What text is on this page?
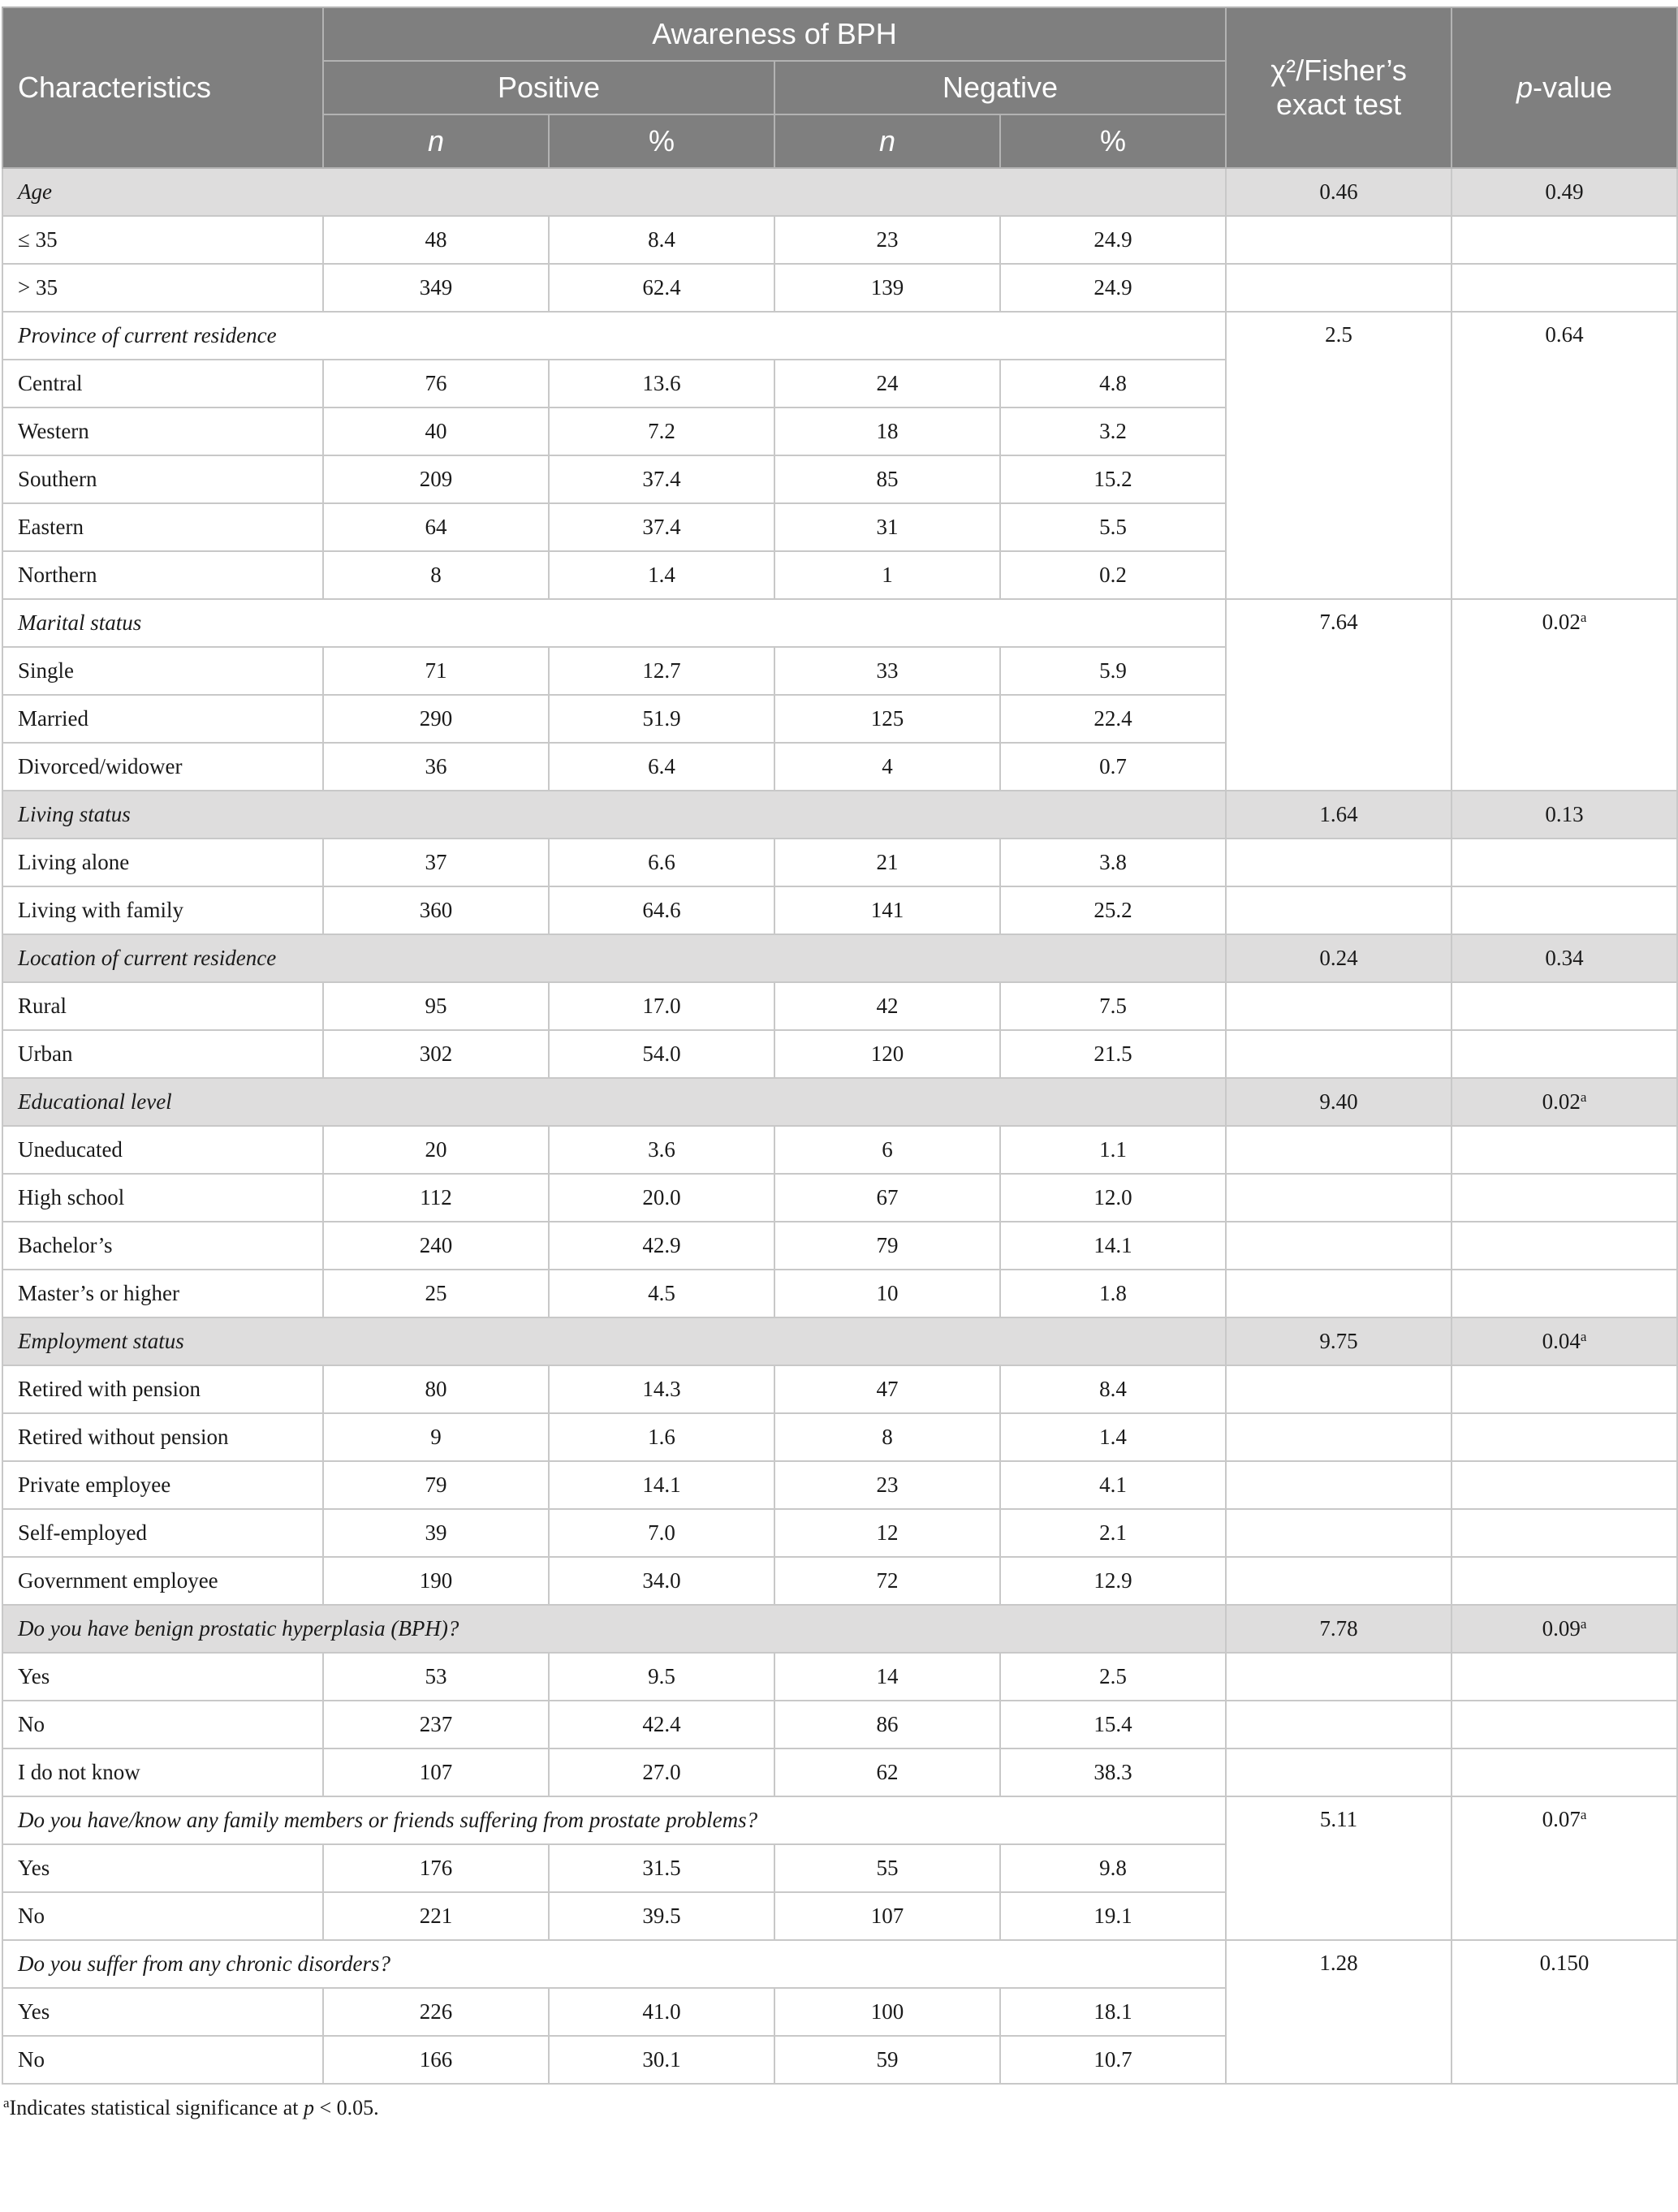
Characteristics	Awareness of BPH				χ²/Fisher’s
exact test	p-value
	Positive		Negative			
	n	%	n	%		
Age					0.46	0.49
≤ 35	48	8.4	23	24.9		
> 35	349	62.4	139	24.9		
Province of current residence					2.5	0.64
Central	76	13.6	24	4.8		
Western	40	7.2	18	3.2		
Southern	209	37.4	85	15.2		
Eastern	64	37.4	31	5.5		
Northern	8	1.4	1	0.2		
Marital status					7.64	0.02$^a$
Single	71	12.7	33	5.9		
Married	290	51.9	125	22.4		
Divorced/widower	36	6.4	4	0.7		
Living status					1.64	0.13
Living alone	37	6.6	21	3.8		
Living with family	360	64.6	141	25.2		
Location of current residence					0.24	0.34
Rural	95	17.0	42	7.5		
Urban	302	54.0	120	21.5		
Educational level					9.40	0.02$^a$
Uneducated	20	3.6	6	1.1		
High school	112	20.0	67	12.0		
Bachelor’s	240	42.9	79	14.1		
Master’s or higher	25	4.5	10	1.8		
Employment status					9.75	0.04$^a$
Retired with pension	80	14.3	47	8.4		
Retired without pension	9	1.6	8	1.4		
Private employee	79	14.1	23	4.1		
Self-employed	39	7.0	12	2.1		
Government employee	190	34.0	72	12.9		
Do you have benign prostatic hyperplasia (BPH)?					7.78	0.09$^a$
Yes	53	9.5	14	2.5		
No	237	42.4	86	15.4		
I do not know	107	27.0	62	38.3		
Do you have/know any family members or friends suffering from prostate problems?					5.11	0.07$^a$
Yes	176	31.5	55	9.8		
No	221	39.5	107	19.1		
Do you suffer from any chronic disorders?					1.28	0.150
Yes	226	41.0	100	18.1		
No	166	30.1	59	10.7		
$^a$Indicates statistical significance at p < 0.05.
